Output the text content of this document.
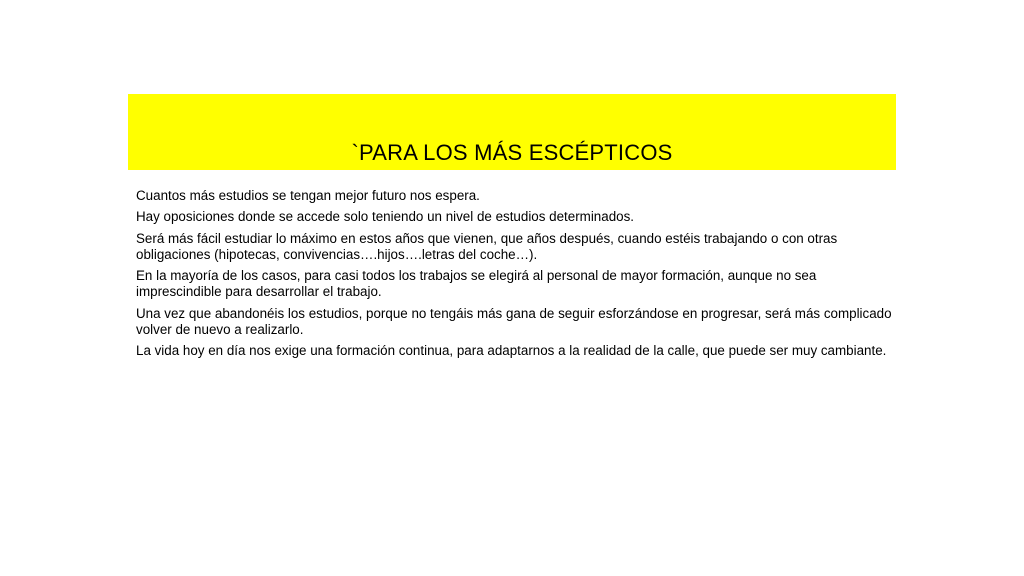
`PARA LOS MÁS ESCÉPTICOS

Cuantos más estudios se tengan mejor futuro nos espera.

Hay oposiciones donde se accede solo teniendo un nivel de estudios determinados.

Será más fácil estudiar lo máximo en estos años que vienen, que años después, cuando estéis trabajando o con otras obligaciones (hipotecas, convivencias….hijos….letras del coche…).

En la mayoría de los casos, para casi todos los trabajos se elegirá al personal de mayor formación, aunque no sea imprescindible para desarrollar el trabajo.

Una vez que abandonéis los estudios, porque no tengáis más gana de seguir esforzándose en progresar, será más complicado volver de nuevo a realizarlo.

La vida hoy en día nos exige una formación continua, para adaptarnos a la realidad de la calle, que puede ser muy cambiante.
